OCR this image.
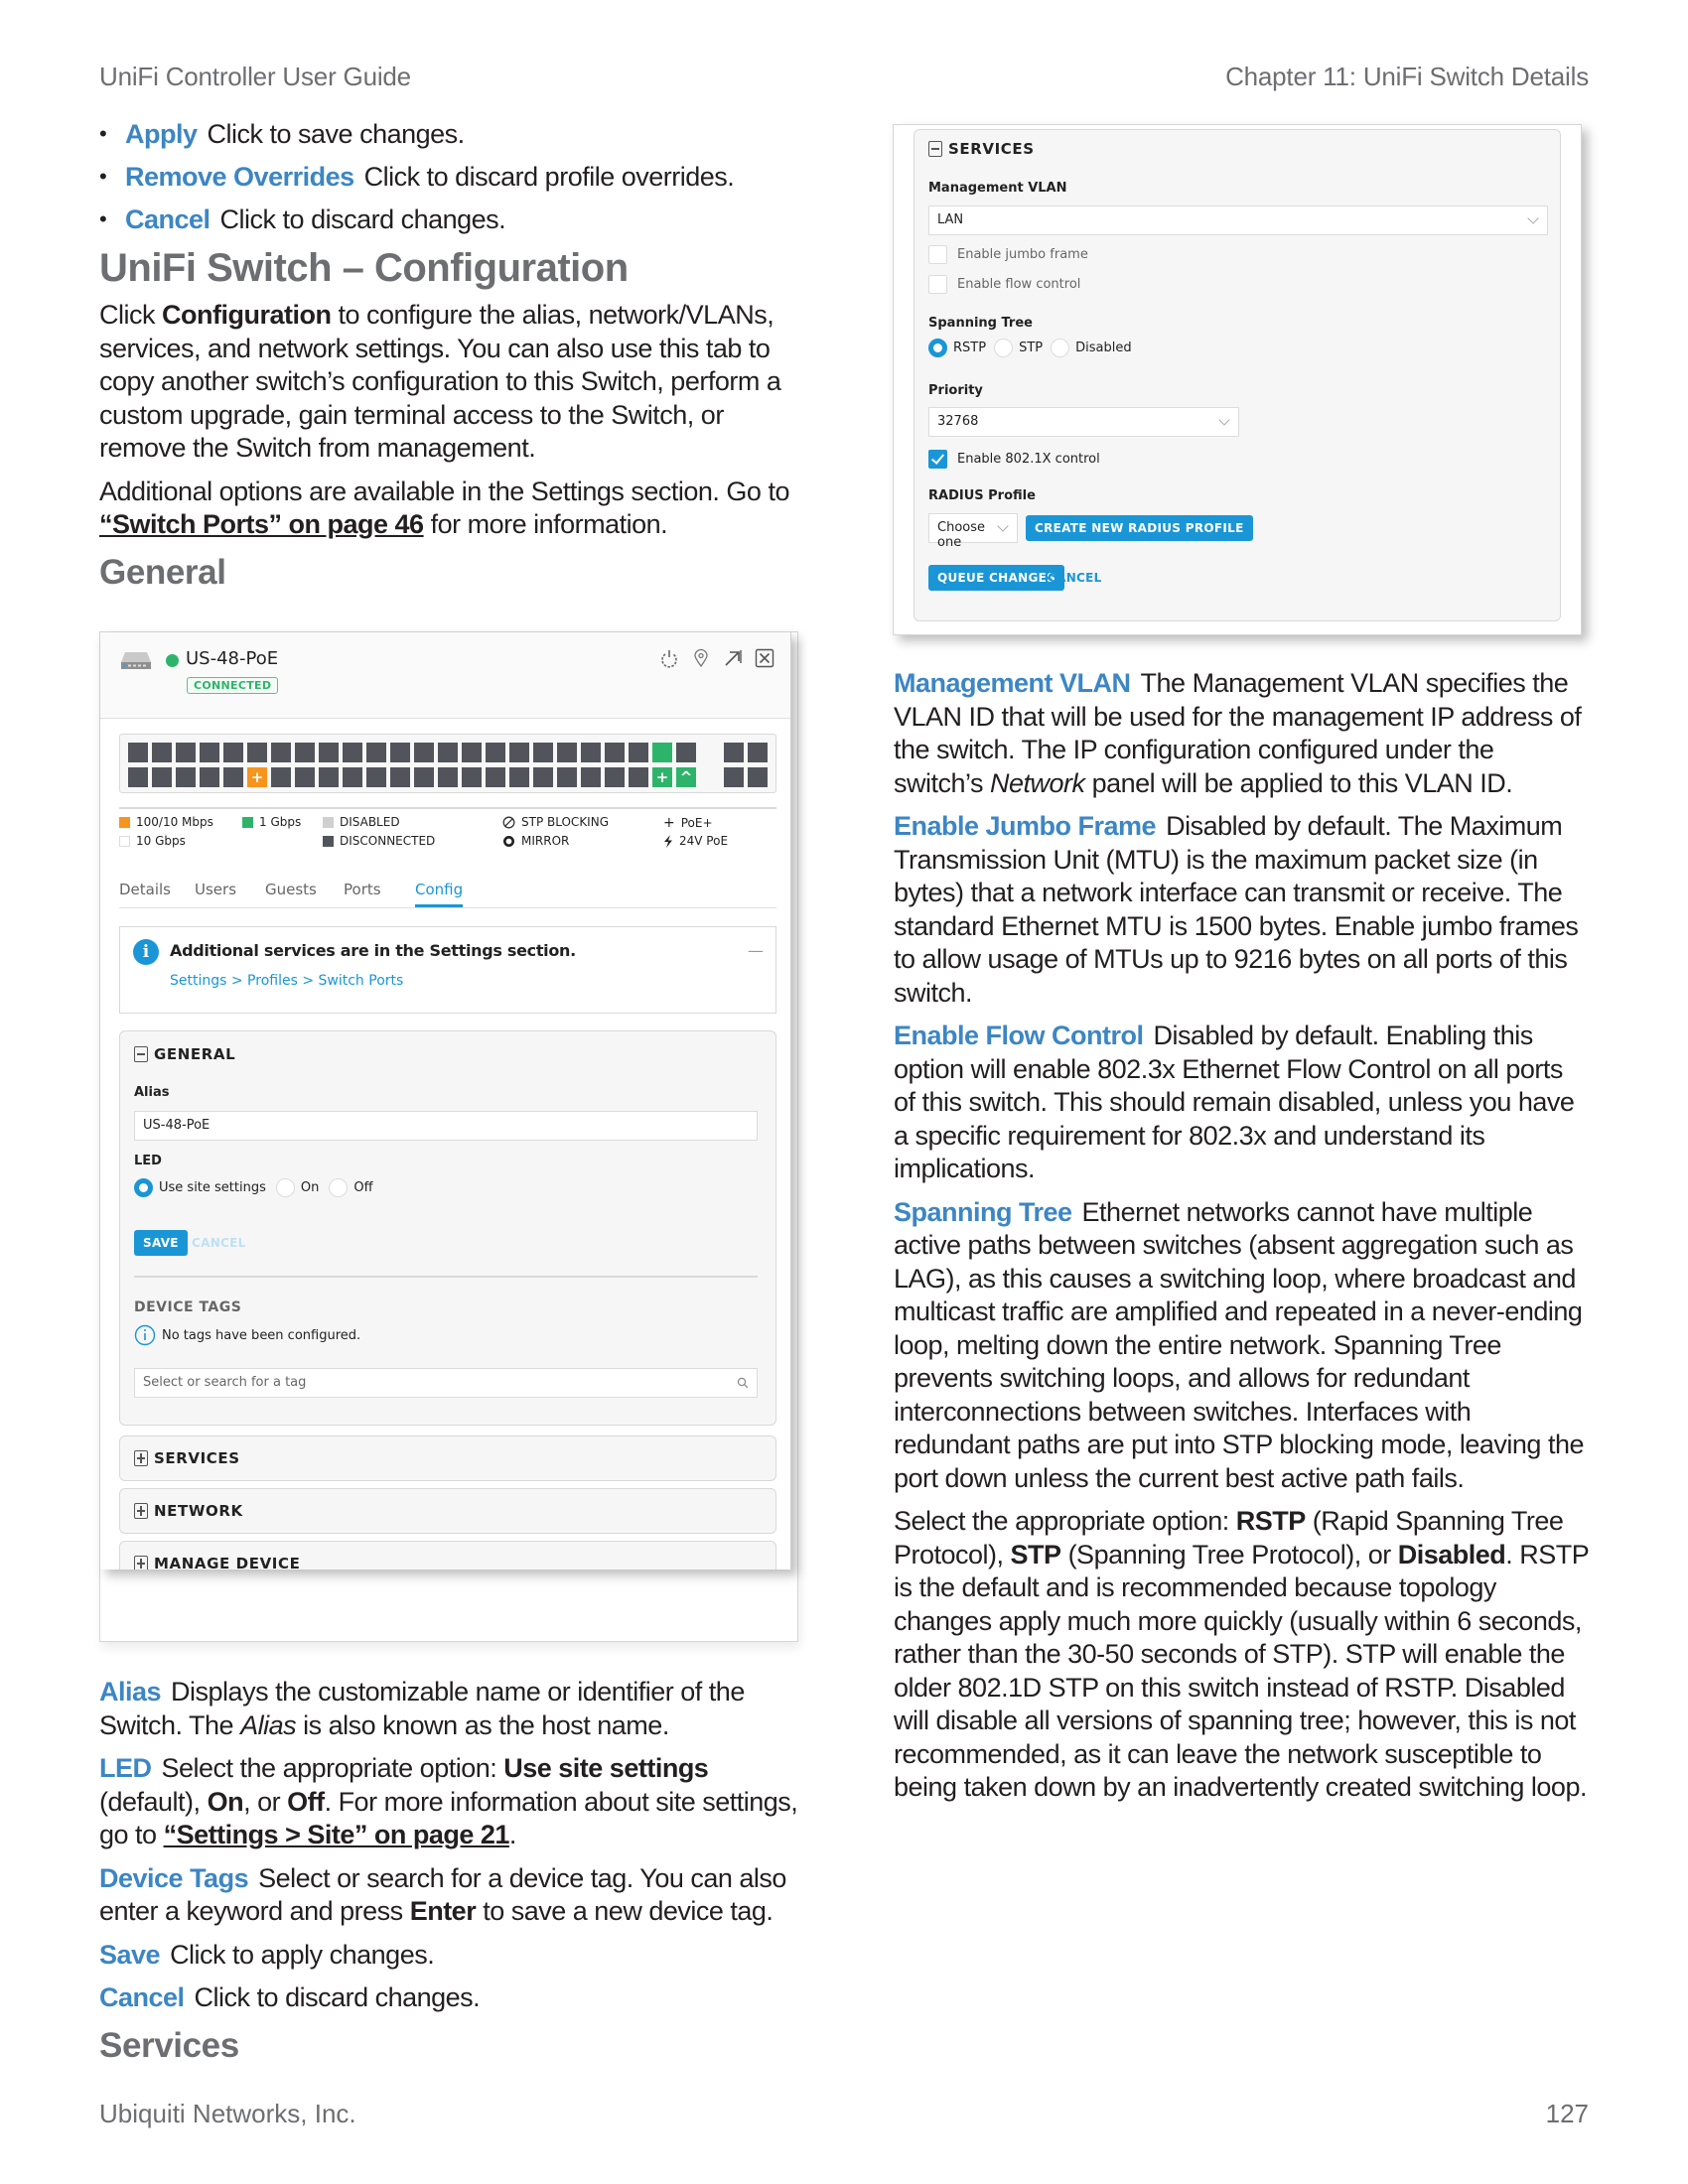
UniFi Controller User Guide	Chapter 11: UniFi Switch Details
• Apply Click to save changes.
• Remove Overrides Click to discard profile overrides.
• Cancel Click to discard changes.
UniFi Switch – Configuration

Click Configuration to configure the alias, network/VLANs, services, and network settings. You can also use this tab to copy another switch’s configuration to this Switch, perform a custom upgrade, gain terminal access to the Switch, or remove the Switch from management.

Additional options are available in the Settings section. Go to “Switch Ports” on page 46 for more information.

General
US-48-PoE
CONNECTED
+	+ ^
100/10 Mbps
10 Gbps
1 Gbps	DISABLED
DISCONNECTED
STP BLOCKING
MIRROR
+ PoE+
24V PoE
Details Users Guests Ports Config
i	Additional services are in the Settings section.
Settings > Profiles > Switch Ports
—
GENERAL
Alias
US-48-PoE
LED
Use site settings	On	Off
SAVE	CANCEL
DEVICE TAGS
No tags have been configured.
Select or search for a tag
SERVICES
NETWORK
MANAGE DEVICE

Alias Displays the customizable name or identifier of the Switch. The Alias is also known as the host name.

LED Select the appropriate option: Use site settings (default), On, or Off. For more information about site settings, go to “Settings > Site” on page 21.

Device Tags Select or search for a device tag. You can also enter a keyword and press Enter to save a new device tag.

Save Click to apply changes.

Cancel Click to discard changes.

Services
SERVICES
Management VLAN
LAN
Enable jumbo frame
Enable flow control
Spanning Tree
RSTP	STP	Disabled
Priority
32768
Enable 802.1X control
RADIUS Profile
Choose one
CREATE NEW RADIUS PROFILE
QUEUE CHANGES
CANCEL

Management VLAN The Management VLAN specifies the VLAN ID that will be used for the management IP address of the switch. The IP configuration configured under the switch’s Network panel will be applied to this VLAN ID.

Enable Jumbo Frame Disabled by default. The Maximum Transmission Unit (MTU) is the maximum packet size (in bytes) that a network interface can transmit or receive. The standard Ethernet MTU is 1500 bytes. Enable jumbo frames to allow usage of MTUs up to 9216 bytes on all ports of this switch.

Enable Flow Control Disabled by default. Enabling this option will enable 802.3x Ethernet Flow Control on all ports of this switch. This should remain disabled, unless you have a specific requirement for 802.3x and understand its implications.

Spanning Tree Ethernet networks cannot have multiple active paths between switches (absent aggregation such as LAG), as this causes a switching loop, where broadcast and multicast traffic are amplified and repeated in a never-ending loop, melting down the entire network. Spanning Tree prevents switching loops, and allows for redundant interconnections between switches. Interfaces with redundant paths are put into STP blocking mode, leaving the port down unless the current best active path fails.

Select the appropriate option: RSTP (Rapid Spanning Tree Protocol), STP (Spanning Tree Protocol), or Disabled. RSTP is the default and is recommended because topology changes apply much more quickly (usually within 6 seconds, rather than the 30-50 seconds of STP). STP will enable the older 802.1D STP on this switch instead of RSTP. Disabled will disable all versions of spanning tree; however, this is not recommended, as it can leave the network susceptible to being taken down by an inadvertently created switching loop.

Ubiquiti Networks, Inc.	127
